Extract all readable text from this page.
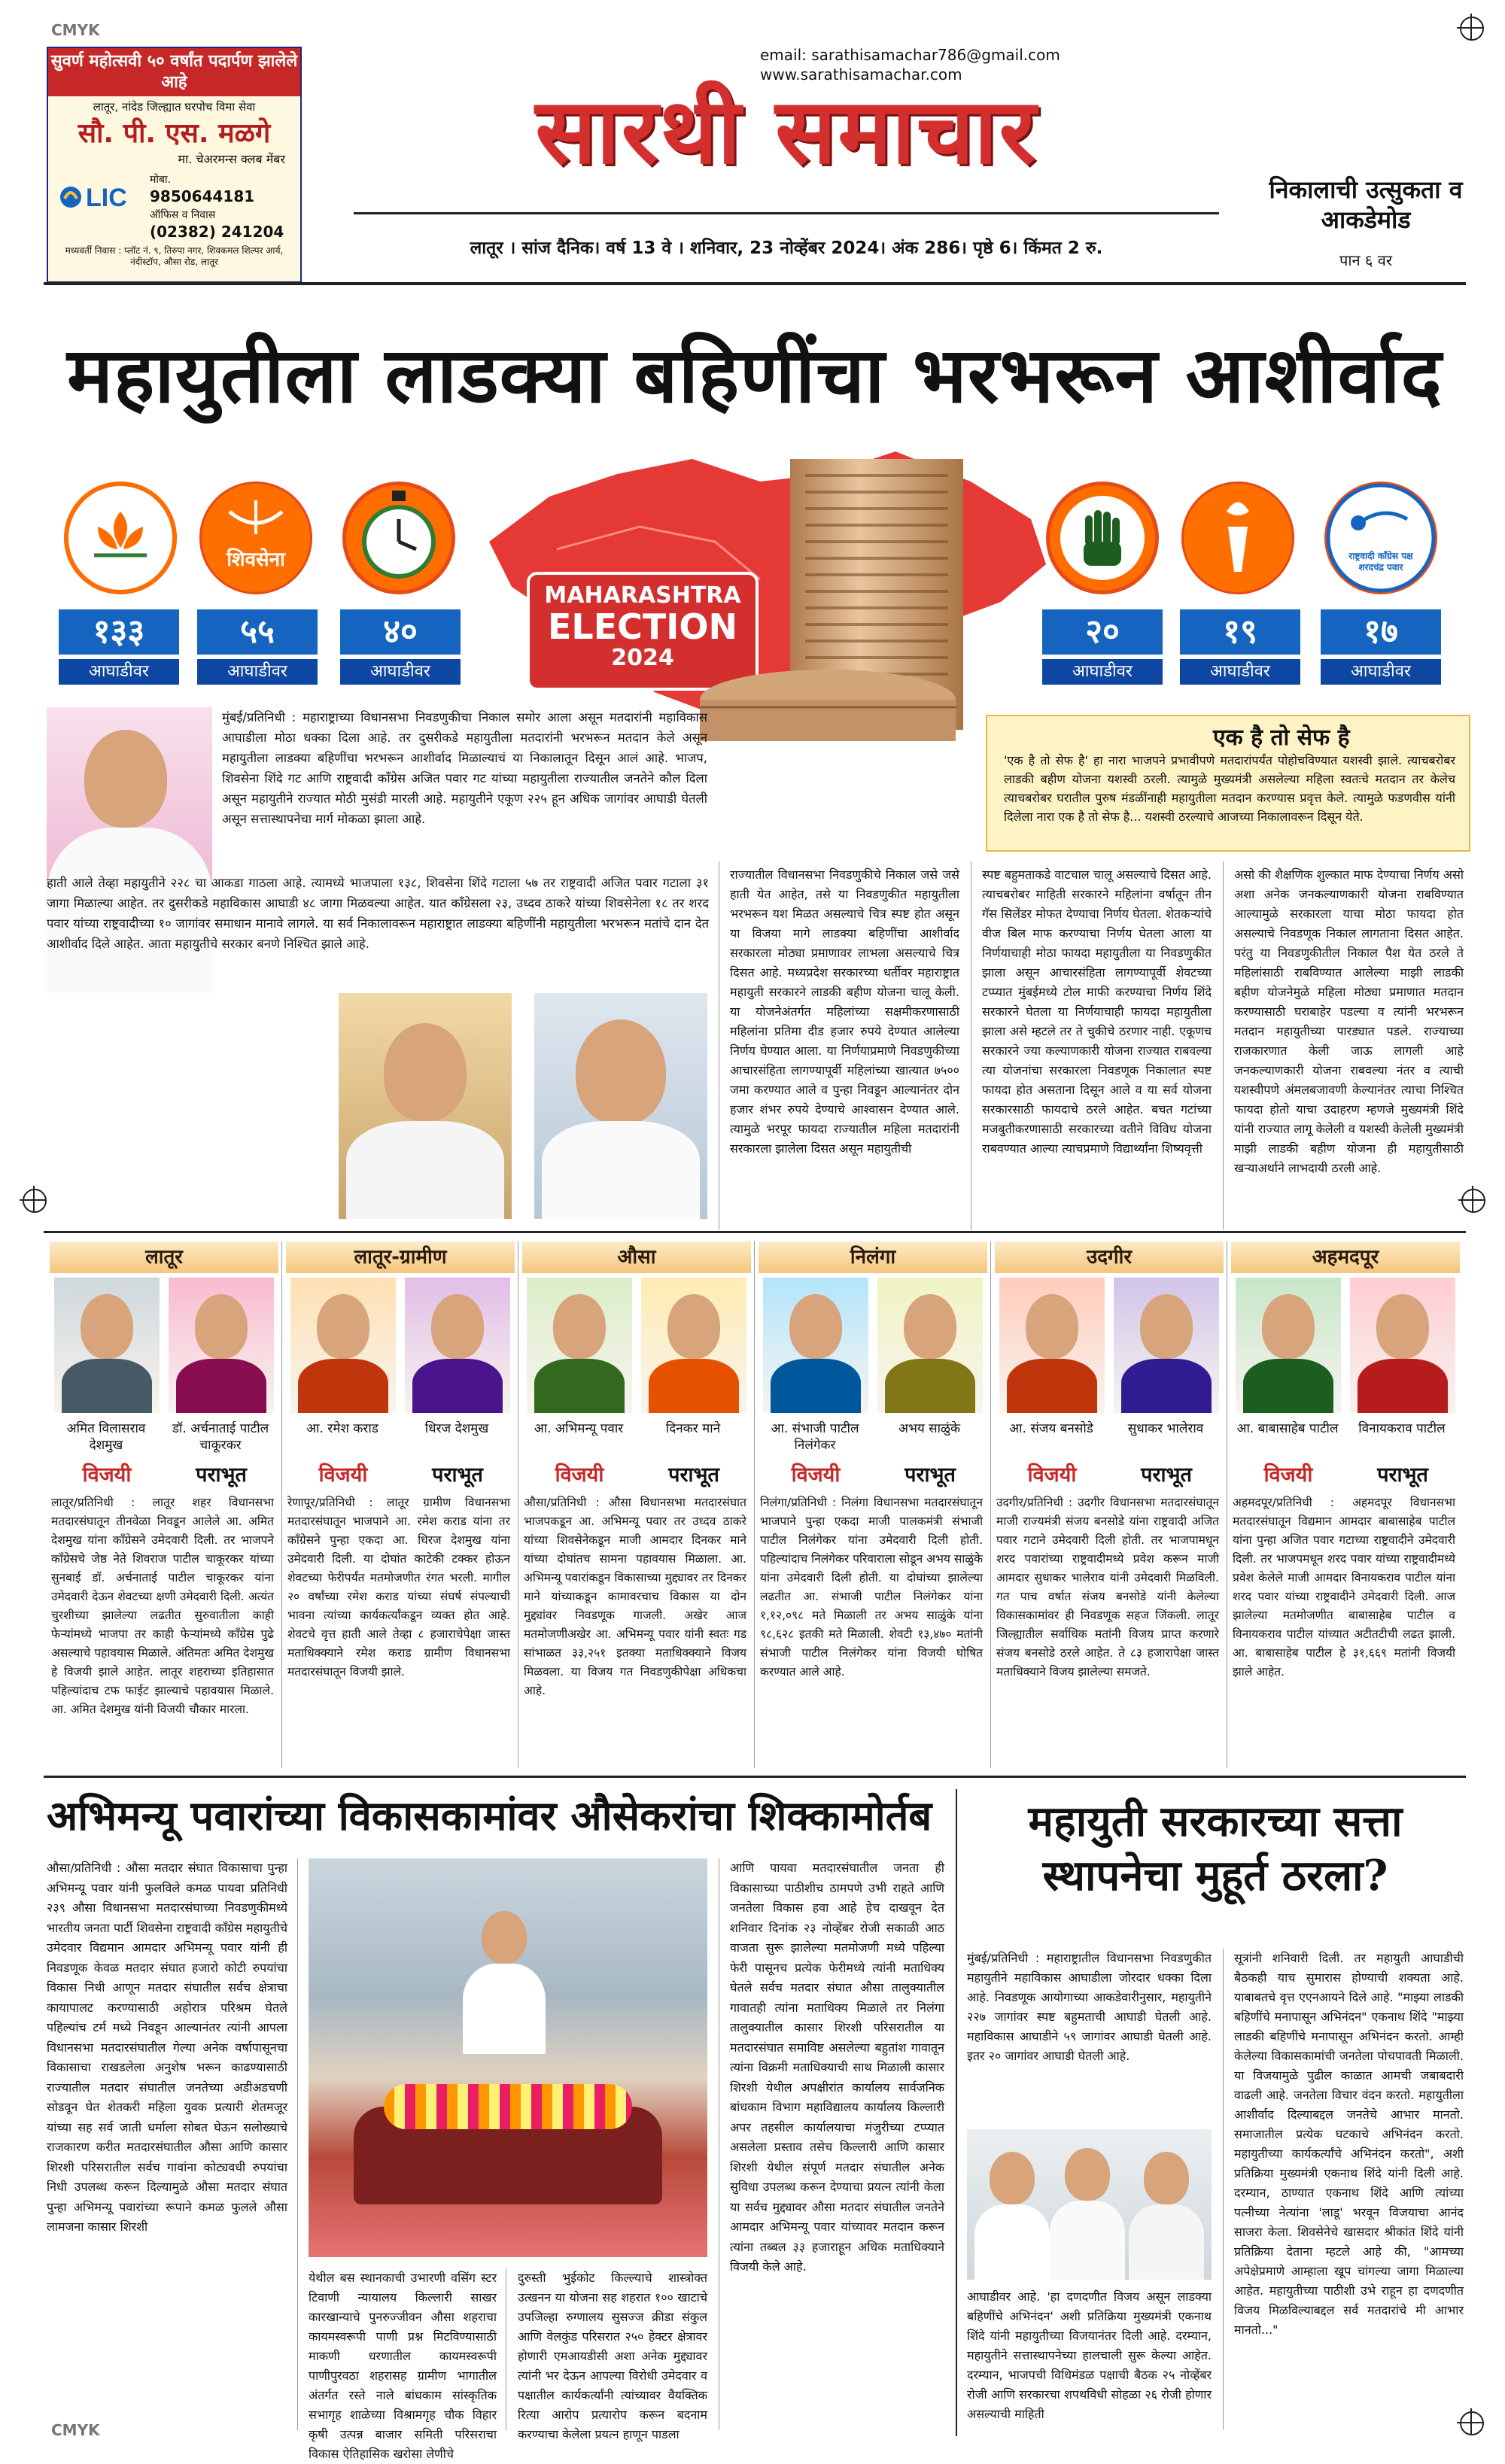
CMYK
CMYK
सुवर्ण महोत्सवी ५० वर्षांत पदार्पण झालेले आहे
लातूर, नांदेड जिल्ह्यात घरपोच विमा सेवा
सौ. पी. एस. मळगे
मा. चेअरमन्स क्लब मेंबर
LIC
मोबा.
9850644181
ऑफिस व निवास
(02382) 241204
मध्यवर्ती निवास : प्लॉट नं. ९, तिरुपा नगर, शिवकमल शिल्पर आर्य, नंदीस्टॉप, औसा रोड, लातूर
email: sarathisamachar786@gmail.com
www.sarathisamachar.com
सारथी समाचार
लातूर । सांज दैनिक। वर्ष 13 वे । शनिवार, 23 नोव्हेंबर 2024। अंक 286। पृष्ठे 6। किंमत 2 रु.
निकालाची उत्सुकता व आकडेमोड
पान ६ वर
महायुतीला लाडक्या बहिणींचा भरभरून आशीर्वाद
MAHARASHTRA
ELECTION
2024
शिवसेना
१३३
आघाडीवर
५५
आघाडीवर
४०
आघाडीवर
राष्ट्रवादी काँग्रेस पक्ष शरदचंद्र पवार
२०
आघाडीवर
१९
आघाडीवर
१७
आघाडीवर
मुंबई/प्रतिनिधी : महाराष्ट्राच्या विधानसभा निवडणुकीचा निकाल समोर आला असून मतदारांनी महाविकास आघाडीला मोठा धक्का दिला आहे. तर दुसरीकडे महायुतीला मतदारांनी भरभरून मतदान केले असून महायुतीला लाडक्या बहिणींचा भरभरून आशीर्वाद मिळाल्याचं या निकालातून दिसून आलं आहे. भाजप, शिवसेना शिंदे गट आणि राष्ट्रवादी काँग्रेस अजित पवार गट यांच्या महायुतीला राज्यातील जनतेने कौल दिला असून महायुतीने राज्यात मोठी मुसंडी मारली आहे. महायुतीने एकूण २२५ हून अधिक जागांवर आघाडी घेतली असून सत्तास्थापनेचा मार्ग मोकळा झाला आहे.
हाती आले तेव्हा महायुतीने २२८ चा आकडा गाठला आहे. त्यामध्ये भाजपाला १३८, शिवसेना शिंदे गटाला ५७ तर राष्ट्रवादी अजित पवार गटाला ३१ जागा मिळाल्या आहेत. तर दुसरीकडे महाविकास आघाडी ४८ जागा मिळवल्या आहेत. यात काँग्रेसला २३, उध्दव ठाकरे यांच्या शिवसेनेला १८ तर शरद पवार यांच्या राष्ट्रवादीच्या १० जागांवर समाधान मानावे लागले. या सर्व निकालावरून महाराष्ट्रात लाडक्या बहिणींनी महायुतीला भरभरून मतांचे दान देत आशीर्वाद दिले आहेत. आता महायुतीचे सरकार बनणे निश्चित झाले आहे.
एक है तो सेफ है
'एक है तो सेफ है' हा नारा भाजपने प्रभावीपणे मतदारांपर्यंत पोहोचविण्यात यशस्वी झाले. त्याचबरोबर लाडकी बहीण योजना यशस्वी ठरली. त्यामुळे मुख्यमंत्री असलेल्या महिला स्वतःचे मतदान तर केलेच त्याचबरोबर घरातील पुरुष मंडळींनाही महायुतीला मतदान करण्यास प्रवृत्त केले. त्यामुळे फडणवीस यांनी दिलेला नारा एक है तो सेफ है... यशस्वी ठरल्याचे आजच्या निकालावरून दिसून येते.
राज्यातील विधानसभा निवडणुकीचे निकाल जसे जसे हाती येत आहेत, तसे या निवडणुकीत महायुतीला भरभरून यश मिळत असल्याचे चित्र स्पष्ट होत असून या विजया मागे लाडक्या बहिणींचा आशीर्वाद सरकारला मोठ्या प्रमाणावर लाभला असल्याचे चित्र दिसत आहे. मध्यप्रदेश सरकारच्या धर्तीवर महाराष्ट्रात महायुती सरकारने लाडकी बहीण योजना चालू केली. या योजनेअंतर्गत महिलांच्या सक्षमीकरणासाठी महिलांना प्रतिमा दीड हजार रुपये देण्यात आलेल्या निर्णय घेण्यात आला. या निर्णयाप्रमाणे निवडणुकीच्या आचारसंहिता लागण्यापूर्वी महिलांच्या खात्यात ७५०० जमा करण्यात आले व पुन्हा निवडून आल्यानंतर दोन हजार शंभर रुपये देण्याचे आश्वासन देण्यात आले. त्यामुळे भरपूर फायदा राज्यातील महिला मतदारांनी सरकारला झालेला दिसत असून महायुतीची
स्पष्ट बहुमताकडे वाटचाल चालू असल्याचे दिसत आहे. त्याचबरोबर माहिती सरकारने महिलांना वर्षातून तीन गॅस सिलेंडर मोफत देण्याचा निर्णय घेतला. शेतकऱ्यांचे वीज बिल माफ करण्याचा निर्णय घेतला आला या निर्णयाचाही मोठा फायदा महायुतीला या निवडणुकीत झाला असून आचारसंहिता लागण्यापूर्वी शेवटच्या टप्प्यात मुंबईमध्ये टोल माफी करण्याचा निर्णय शिंदे सरकारने घेतला या निर्णयाचाही फायदा महायुतीला झाला असे म्हटले तर ते चुकीचे ठरणार नाही. एकूणच सरकारने ज्या कल्याणकारी योजना राज्यात राबवल्या त्या योजनांचा सरकारला निवडणूक निकालात स्पष्ट फायदा होत असताना दिसून आले व या सर्व योजना सरकारसाठी फायदाचे ठरले आहेत. बचत गटांच्या मजबुतीकरणासाठी सरकारच्या वतीने विविध योजना राबवण्यात आल्या त्याचप्रमाणे विद्यार्थ्यांना शिष्यवृत्ती
असो की शैक्षणिक शुल्कात माफ देण्याचा निर्णय असो अशा अनेक जनकल्याणकारी योजना राबविण्यात आल्यामुळे सरकारला याचा मोठा फायदा होत असल्याचे निवडणूक निकाल लागताना दिसत आहेत. परंतु या निवडणुकीतील निकाल पैश येत ठरले ते महिलांसाठी राबविण्यात आलेल्या माझी लाडकी बहीण योजनेमुळे महिला मोठ्या प्रमाणात मतदान करण्यासाठी घराबाहेर पडल्या व त्यांनी भरभरून मतदान महायुतीच्या पारड्यात पडले. राज्याच्या राजकारणात केली जाऊ लागली आहे जनकल्याणकारी योजना राबवल्या नंतर व त्याची यशस्वीपणे अंमलबजावणी केल्यानंतर त्याचा निश्चित फायदा होतो याचा उदाहरण म्हणजे मुख्यमंत्री शिंदे यांनी राज्यात लागू केलेली व यशस्वी केलेली मुख्यमंत्री माझी लाडकी बहीण योजना ही महायुतीसाठी खऱ्याअर्थाने लाभदायी ठरली आहे.
लातूर
अमित विलासराव देशमुख
विजयी
डॉ. अर्चनाताई पाटील चाकूरकर
पराभूत
लातूर/प्रतिनिधी : लातूर शहर विधानसभा मतदारसंघातून तीनवेळा निवडून आलेले आ. अमित देशमुख यांना काँग्रेसने उमेदवारी दिली. तर भाजपने काँग्रेसचे जेष्ठ नेते शिवराज पाटील चाकूरकर यांच्या सुनबाई डॉ. अर्चनाताई पाटील चाकूरकर यांना उमेदवारी देऊन शेवटच्या क्षणी उमेदवारी दिली. अत्यंत चुरशीच्या झालेल्या लढतीत सुरुवातीला काही फेऱ्यांमध्ये भाजपा तर काही फेऱ्यांमध्ये काँग्रेस पुढे असल्याचे पहावयास मिळाले. अंतिमतः अमित देशमुख हे विजयी झाले आहेत. लातूर शहराच्या इतिहासात पहिल्यांदाच टफ फाईट झाल्याचे पहावयास मिळाले. आ. अमित देशमुख यांनी विजयी चौकार मारला.
लातूर-ग्रामीण
आ. रमेश कराड
विजयी
धिरज देशमुख
पराभूत
रेणापूर/प्रतिनिधी : लातूर ग्रामीण विधानसभा मतदारसंघातून भाजपाने आ. रमेश कराड यांना तर काँग्रेसने पुन्हा एकदा आ. धिरज देशमुख यांना उमेदवारी दिली. या दोघांत काटेकी टक्कर होऊन शेवटच्या फेरीपर्यंत मतमोजणीत रंगत भरली. मागील २० वर्षांच्या रमेश कराड यांच्या संघर्ष संपल्याची भावना त्यांच्या कार्यकर्त्यांकडून व्यक्त होत आहे. शेवटचे वृत्त हाती आले तेव्हा ८ हजाराचेपेक्षा जास्त मताधिक्क्याने रमेश कराड ग्रामीण विधानसभा मतदारसंघातून विजयी झाले.
औसा
आ. अभिमन्यू पवार
विजयी
दिनकर माने
पराभूत
औसा/प्रतिनिधी : औसा विधानसभा मतदारसंघात भाजपकडून आ. अभिमन्यू पवार तर उध्दव ठाकरे यांच्या शिवसेनेकडून माजी आमदार दिनकर माने यांच्या दोघांतच सामना पहावयास मिळाला. आ. अभिमन्यू पवारांकडून विकासाच्या मुद्द्यावर तर दिनकर माने यांच्याकडून कामावरचाच विकास या दोन मुद्द्यांवर निवडणूक गाजली. अखेर आज मतमोजणीअखेर आ. अभिमन्यू पवार यांनी स्वतः गड सांभाळत ३३,२५१ इतक्या मताधिक्क्याने विजय मिळवला. या विजय गत निवडणुकीपेक्षा अधिकचा आहे.
निलंगा
आ. संभाजी पाटील निलंगेकर
विजयी
अभय साळुंके
पराभूत
निलंगा/प्रतिनिधी : निलंगा विधानसभा मतदारसंघातून भाजपाने पुन्हा एकदा माजी पालकमंत्री संभाजी पाटील निलंगेकर यांना उमेदवारी दिली होती. पहिल्यांदाच निलंगेकर परिवाराला सोडून अभय साळुंके यांना उमेदवारी दिली होती. या दोघांच्या झालेल्या लढतीत आ. संभाजी पाटील निलंगेकर यांना १,१२,०९८ मते मिळाली तर अभय साळुंके यांना ९८,६२८ इतकी मते मिळाली. शेवटी १३,४७० मतांनी संभाजी पाटील निलंगेकर यांना विजयी घोषित करण्यात आले आहे.
उदगीर
आ. संजय बनसोडे
विजयी
सुधाकर भालेराव
पराभूत
उदगीर/प्रतिनिधी : उदगीर विधानसभा मतदारसंघातून माजी राज्यमंत्री संजय बनसोडे यांना राष्ट्रवादी अजित पवार गटाने उमेदवारी दिली होती. तर भाजपामधून शरद पवारांच्या राष्ट्रवादीमध्ये प्रवेश करून माजी आमदार सुधाकर भालेराव यांनी उमेदवारी मिळविली. गत पाच वर्षात संजय बनसोडे यांनी केलेल्या विकासकामांवर ही निवडणूक सहज जिंकली. लातूर जिल्ह्यातील सर्वाधिक मतांनी विजय प्राप्त करणारे संजय बनसोडे ठरले आहेत. ते ८३ हजारापेक्षा जास्त मताधिक्याने विजय झालेल्या समजते.
अहमदपूर
आ. बाबासाहेब पाटील
विजयी
विनायकराव पाटील
पराभूत
अहमदपूर/प्रतिनिधी : अहमदपूर विधानसभा मतदारसंघातून विद्यमान आमदार बाबासाहेब पाटील यांना पुन्हा अजित पवार गटाच्या राष्ट्रवादीने उमेदवारी दिली. तर भाजपमधून शरद पवार यांच्या राष्ट्रवादीमध्ये प्रवेश केलेले माजी आमदार विनायकराव पाटील यांना शरद पवार यांच्या राष्ट्रवादीने उमेदवारी दिली. आज झालेल्या मतमोजणीत बाबासाहेब पाटील व विनायकराव पाटील यांच्यात अटीतटीची लढत झाली. आ. बाबासाहेब पाटील हे ३१,६६९ मतांनी विजयी झाले आहेत.
अभिमन्यू पवारांच्या विकासकामांवर औसेकरांचा शिक्कामोर्तब
औसा/प्रतिनिधी : औसा मतदार संघात विकासाचा पुन्हा अभिमन्यू पवार यांनी फुलविले कमळ पायवा प्रतिनिधी २३९ औसा विधानसभा मतदारसंघाच्या निवडणुकीमध्ये भारतीय जनता पार्टी शिवसेना राष्ट्रवादी काँग्रेस महायुतीचे उमेदवार विद्यमान आमदार अभिमन्यू पवार यांनी ही निवडणूक केवळ मतदार संघात हजारो कोटी रुपयांचा विकास निधी आणून मतदार संघातील सर्वच क्षेत्राचा कायापालट करण्यासाठी अहोरात्र परिश्रम घेतले पहिल्यांच टर्म मध्ये निवडून आल्यानंतर त्यांनी आपला विधानसभा मतदारसंघातील गेल्या अनेक वर्षापासूनचा विकासाचा राखडलेला अनुशेष भरून काढण्यासाठी राज्यातील मतदार संघातील जनतेच्या अडीअडचणी सोडवून घेत शेतकरी महिला युवक प्रत्यारी शेतमजूर यांच्या सह सर्व जाती धर्माला सोबत घेऊन सलोख्याचे राजकारण करीत मतदारसंघातील औसा आणि कासार शिरशी परिसरातील सर्वच गावांना कोट्यवधी रुपयांचा निधी उपलब्ध करून दिल्यामुळे औसा मतदार संघात पुन्हा अभिमन्यू पवारांच्या रूपाने कमळ फुलले औसा लामजना कासार शिरशी
येथील बस स्थानकाची उभारणी वसिंग स्टर टिवाणी न्यायालय किल्लारी साखर कारखान्याचे पुनरुज्जीवन औसा शहराचा कायमस्वरूपी पाणी प्रश्न मिटविण्यासाठी माकणी धरणातील कायमस्वरूपी पाणीपुरवठा शहरासह ग्रामीण भागातील अंतर्गत रस्ते नाले बांधकाम सांस्कृतिक सभागृह शाळेच्या विश्रामगृह चौक विहार कृषी उत्पन्न बाजार समिती परिसराचा विकास ऐतिहासिक खरोसा लेणीचे
दुरुस्ती भुईकोट किल्ल्याचे शास्त्रोक्त उत्खनन या योजना सह शहरात १०० खाटाचे उपजिल्हा रुग्णालय सुसज्ज क्रीडा संकुल आणि वेलकुंड परिसरात २५० हेक्टर क्षेत्रावर होणारी एमआयडीसी अशा अनेक मुद्द्यावर त्यांनी भर देऊन आपल्या विरोधी उमेदवार व पक्षातील कार्यकर्त्यांनी त्यांच्यावर वैयक्तिक रित्या आरोप प्रत्यारोप करून बदनाम करण्याचा केलेला प्रयत्न हाणून पाडला
आणि पायवा मतदारसंघातील जनता ही विकासाच्या पाठीशीच ठामपणे उभी राहते आणि जनतेला विकास हवा आहे हेच दाखवून देत शनिवार दिनांक २३ नोव्हेंबर रोजी सकाळी आठ वाजता सुरू झालेल्या मतमोजणी मध्ये पहिल्या फेरी पासूनच प्रत्येक फेरीमध्ये त्यांनी मताधिक्य घेतले सर्वच मतदार संघात औसा तालुक्यातील गावातही त्यांना मताधिक्य मिळाले तर निलंगा तालुक्यातील कासार शिरशी परिसरातील या मतदारसंघात समाविष्ट असलेल्या बहुतांश गावातून त्यांना विक्रमी मताधिक्याची साथ मिळाली कासार शिरशी येथील अपक्षीरांत कार्यालय सार्वजनिक बांधकाम विभाग महाविद्यालय कार्यालय किल्लारी अपर तहसील कार्यालयाचा मंजुरीच्या टप्प्यात असलेला प्रस्ताव तसेच किल्लारी आणि कासार शिरशी येथील संपूर्ण मतदार संघातील अनेक सुविधा उपलब्ध करून देण्याचा प्रयत्न त्यांनी केला या सर्वच मुद्द्यावर औसा मतदार संघातील जनतेने आमदार अभिमन्यू पवार यांच्यावर मतदान करून त्यांना तब्बल ३३ हजाराहून अधिक मताधिक्याने विजयी केले आहे.
महायुती सरकारच्या सत्ता स्थापनेचा मुहूर्त ठरला?
मुंबई/प्रतिनिधी : महाराष्ट्रातील विधानसभा निवडणुकीत महायुतीने महाविकास आघाडीला जोरदार धक्का दिला आहे. निवडणूक आयोगाच्या आकडेवारीनुसार, महायुतीने २२७ जागांवर स्पष्ट बहुमताची आघाडी घेतली आहे. महाविकास आघाडीने ५९ जागांवर आघाडी घेतली आहे. इतर २० जागांवर आघाडी घेतली आहे.
आघाडीवर आहे. 'हा दणदणीत विजय असून लाडक्या बहिणींचे अभिनंदन' अशी प्रतिक्रिया मुख्यमंत्री एकनाथ शिंदे यांनी महायुतीच्या विजयानंतर दिली आहे. दरम्यान, महायुतीने सत्तास्थापनेच्या हालचाली सुरू केल्या आहेत. दरम्यान, भाजपची विधिमंडळ पक्षाची बैठक २५ नोव्हेंबर रोजी आणि सरकारचा शपथविधी सोहळा २६ रोजी होणार असल्याची माहिती
सूत्रांनी शनिवारी दिली. तर महायुती आघाडीची बैठकही याच सुमारास होण्याची शक्यता आहे. याबाबतचे वृत्त एएनआयने दिले आहे. "माझ्या लाडकी बहिणींचे मनापासून अभिनंदन" एकनाथ शिंदे "माझ्या लाडकी बहिणींचे मनापासून अभिनंदन करतो. आम्ही केलेल्या विकासकामांची जनतेला पोचपावती मिळाली. या विजयामुळे पुढील काळात आमची जबाबदारी वाढली आहे. जनतेला विचार वंदन करतो. महायुतीला आशीर्वाद दिल्याबद्दल जनतेचे आभार मानतो. समाजातील प्रत्येक घटकाचे अभिनंदन करतो. महायुतीच्या कार्यकर्त्यांचे अभिनंदन करतो", अशी प्रतिक्रिया मुख्यमंत्री एकनाथ शिंदे यांनी दिली आहे. दरम्यान, ठाण्यात एकनाथ शिंदे आणि त्यांच्या पत्नीच्या नेत्यांना 'लाडू' भरवून विजयाचा आनंद साजरा केला. शिवसेनेचे खासदार श्रीकांत शिंदे यांनी प्रतिक्रिया देताना म्हटले आहे की, "आमच्या अपेक्षेप्रमाणे आम्हाला खूप चांगल्या जागा मिळाल्या आहेत. महायुतीच्या पाठीशी उभे राहून हा दणदणीत विजय मिळविल्याबद्दल सर्व मतदारांचे मी आभार मानतो..."
